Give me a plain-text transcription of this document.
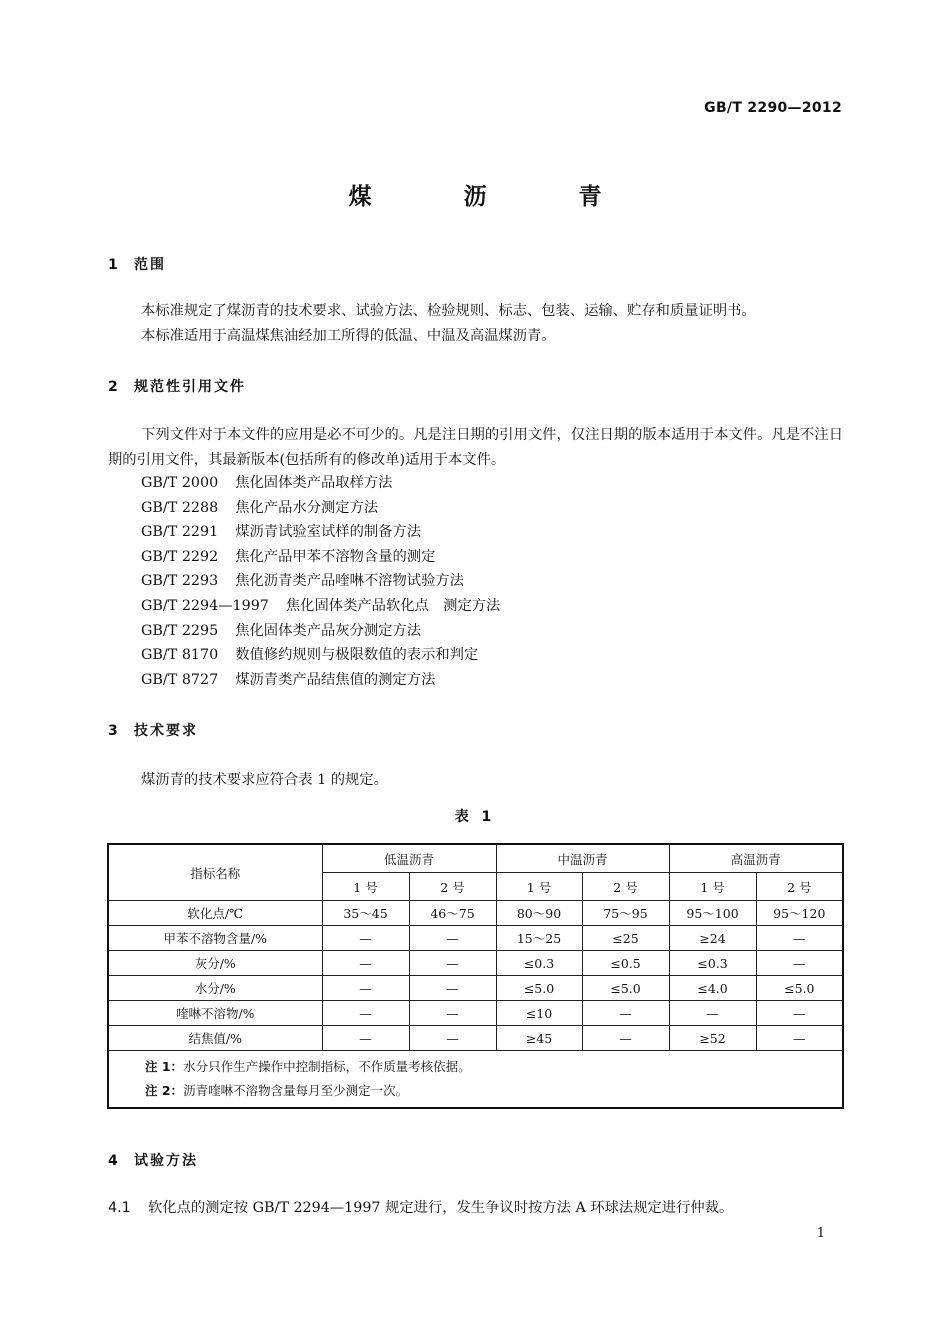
GB/T 2290—2012
煤 沥 青
1 范围
本标准规定了煤沥青的技术要求、试验方法、检验规则、标志、包装、运输、贮存和质量证明书。
本标准适用于高温煤焦油经加工所得的低温、中温及高温煤沥青。
2 规范性引用文件
下列文件对于本文件的应用是必不可少的。凡是注日期的引用文件，仅注日期的版本适用于本文件。凡是不注日期的引用文件，其最新版本(包括所有的修改单)适用于本文件。
GB/T 2000 焦化固体类产品取样方法
GB/T 2288 焦化产品水分测定方法
GB/T 2291 煤沥青试验室试样的制备方法
GB/T 2292 焦化产品甲苯不溶物含量的测定
GB/T 2293 焦化沥青类产品喹啉不溶物试验方法
GB/T 2294—1997 焦化固体类产品软化点　测定方法
GB/T 2295 焦化固体类产品灰分测定方法
GB/T 8170 数值修约规则与极限数值的表示和判定
GB/T 8727 煤沥青类产品结焦值的测定方法
3 技术要求
煤沥青的技术要求应符合表 1 的规定。
表 1
指标名称	低温沥青		中温沥青		高温沥青	
	1 号	2 号	1 号	2 号	1 号	2 号
软化点/℃	35～45	46～75	80～90	75～95	95～100	95～120
甲苯不溶物含量/%	—	—	15～25	≤25	≥24	—
灰分/%	—	—	≤0.3	≤0.5	≤0.3	—
水分/%	—	—	≤5.0	≤5.0	≤4.0	≤5.0
喹啉不溶物/%	—	—	≤10	—	—	—
结焦值/%	—	—	≥45	—	≥52	—

注 1：水分只作生产操作中控制指标，不作质量考核依据。
注 2：沥青喹啉不溶物含量每月至少测定一次。						
4 试验方法
4.1 软化点的测定按 GB/T 2294—1997 规定进行，发生争议时按方法 A 环球法规定进行仲裁。
1
